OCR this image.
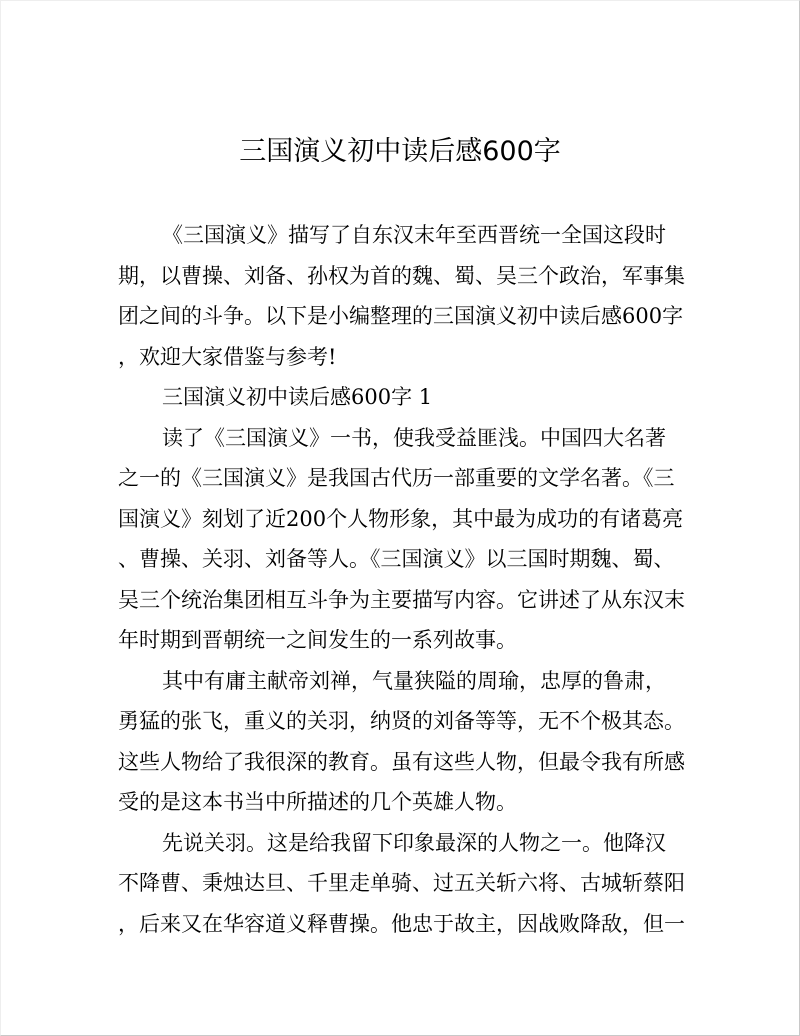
三国演义初中读后感600字
《三国演义》描写了自东汉末年至西晋统一全国这段时
期，以曹操、刘备、孙权为首的魏、蜀、吴三个政治，军事集
团之间的斗争。以下是小编整理的三国演义初中读后感600字
，欢迎大家借鉴与参考!
三国演义初中读后感600字 1
读了《三国演义》一书，使我受益匪浅。中国四大名著
之一的《三国演义》是我国古代历一部重要的文学名著。《三
国演义》刻划了近200个人物形象，其中最为成功的有诸葛亮
、曹操、关羽、刘备等人。《三国演义》以三国时期魏、蜀、
吴三个统治集团相互斗争为主要描写内容。它讲述了从东汉末
年时期到晋朝统一之间发生的一系列故事。
其中有庸主献帝刘禅，气量狭隘的周瑜，忠厚的鲁肃，
勇猛的张飞，重义的关羽，纳贤的刘备等等，无不个极其态。
这些人物给了我很深的教育。虽有这些人物，但最令我有所感
受的是这本书当中所描述的几个英雄人物。
先说关羽。这是给我留下印象最深的人物之一。他降汉
不降曹、秉烛达旦、千里走单骑、过五关斩六将、古城斩蔡阳
，后来又在华容道义释曹操。他忠于故主，因战败降敌，但一
